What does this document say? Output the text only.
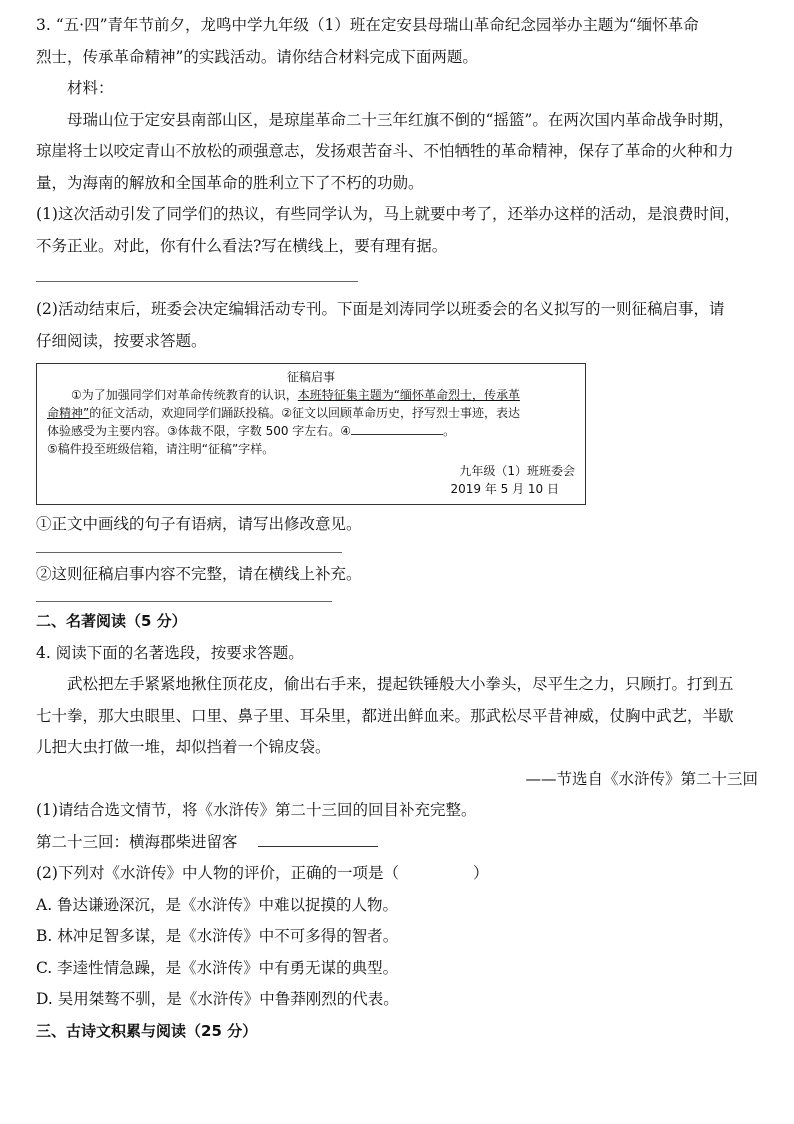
3. “五·四”青年节前夕，龙鸣中学九年级（1）班在定安县母瑞山革命纪念园举办主题为“缅怀革命

烈士，传承革命精神”的实践活动。请你结合材料完成下面两题。

材料：

母瑞山位于定安县南部山区，是琼崖革命二十三年红旗不倒的“摇篮”。在两次国内革命战争时期，

琼崖将士以咬定青山不放松的顽强意志，发扬艰苦奋斗、不怕牺牲的革命精神，保存了革命的火种和力

量，为海南的解放和全国革命的胜利立下了不朽的功勋。

(1)这次活动引发了同学们的热议，有些同学认为，马上就要中考了，还举办这样的活动，是浪费时间，

不务正业。对此，你有什么看法?写在横线上，要有理有据。

(2)活动结束后，班委会决定编辑活动专刊。下面是刘涛同学以班委会的名义拟写的一则征稿启事，请

仔细阅读，按要求答题。

征稿启事

①为了加强同学们对革命传统教育的认识，本班特征集主题为“缅怀革命烈士，传承革

命精神”的征文活动，欢迎同学们踊跃投稿。②征文以回顾革命历史，抒写烈士事迹，表达

体验感受为主要内容。③体裁不限，字数 500 字左右。④	。

⑤稿件投至班级信箱，请注明“征稿”字样。

九年级（1）班班委会

2019 年 5 月 10 日

①正文中画线的句子有语病，请写出修改意见。

②这则征稿启事内容不完整，请在横线上补充。

二、名著阅读（5 分）

4. 阅读下面的名著选段，按要求答题。

武松把左手紧紧地揪住顶花皮，偷出右手来，提起铁锤般大小拳头，尽平生之力，只顾打。打到五

七十拳，那大虫眼里、口里、鼻子里、耳朵里，都迸出鲜血来。那武松尽平昔神威，仗胸中武艺，半歇

儿把大虫打做一堆，却似挡着一个锦皮袋。

——节选自《水浒传》第二十三回

(1)请结合选文情节，将《水浒传》第二十三回的回目补充完整。

第二十三回：横海郡柴进留客

(2)下列对《水浒传》中人物的评价，正确的一项是（	）

A. 鲁达谦逊深沉，是《水浒传》中难以捉摸的人物。

B. 林冲足智多谋，是《水浒传》中不可多得的智者。

C. 李逵性情急躁，是《水浒传》中有勇无谋的典型。

D. 吴用桀骜不驯，是《水浒传》中鲁莽刚烈的代表。

三、古诗文积累与阅读（25 分）
